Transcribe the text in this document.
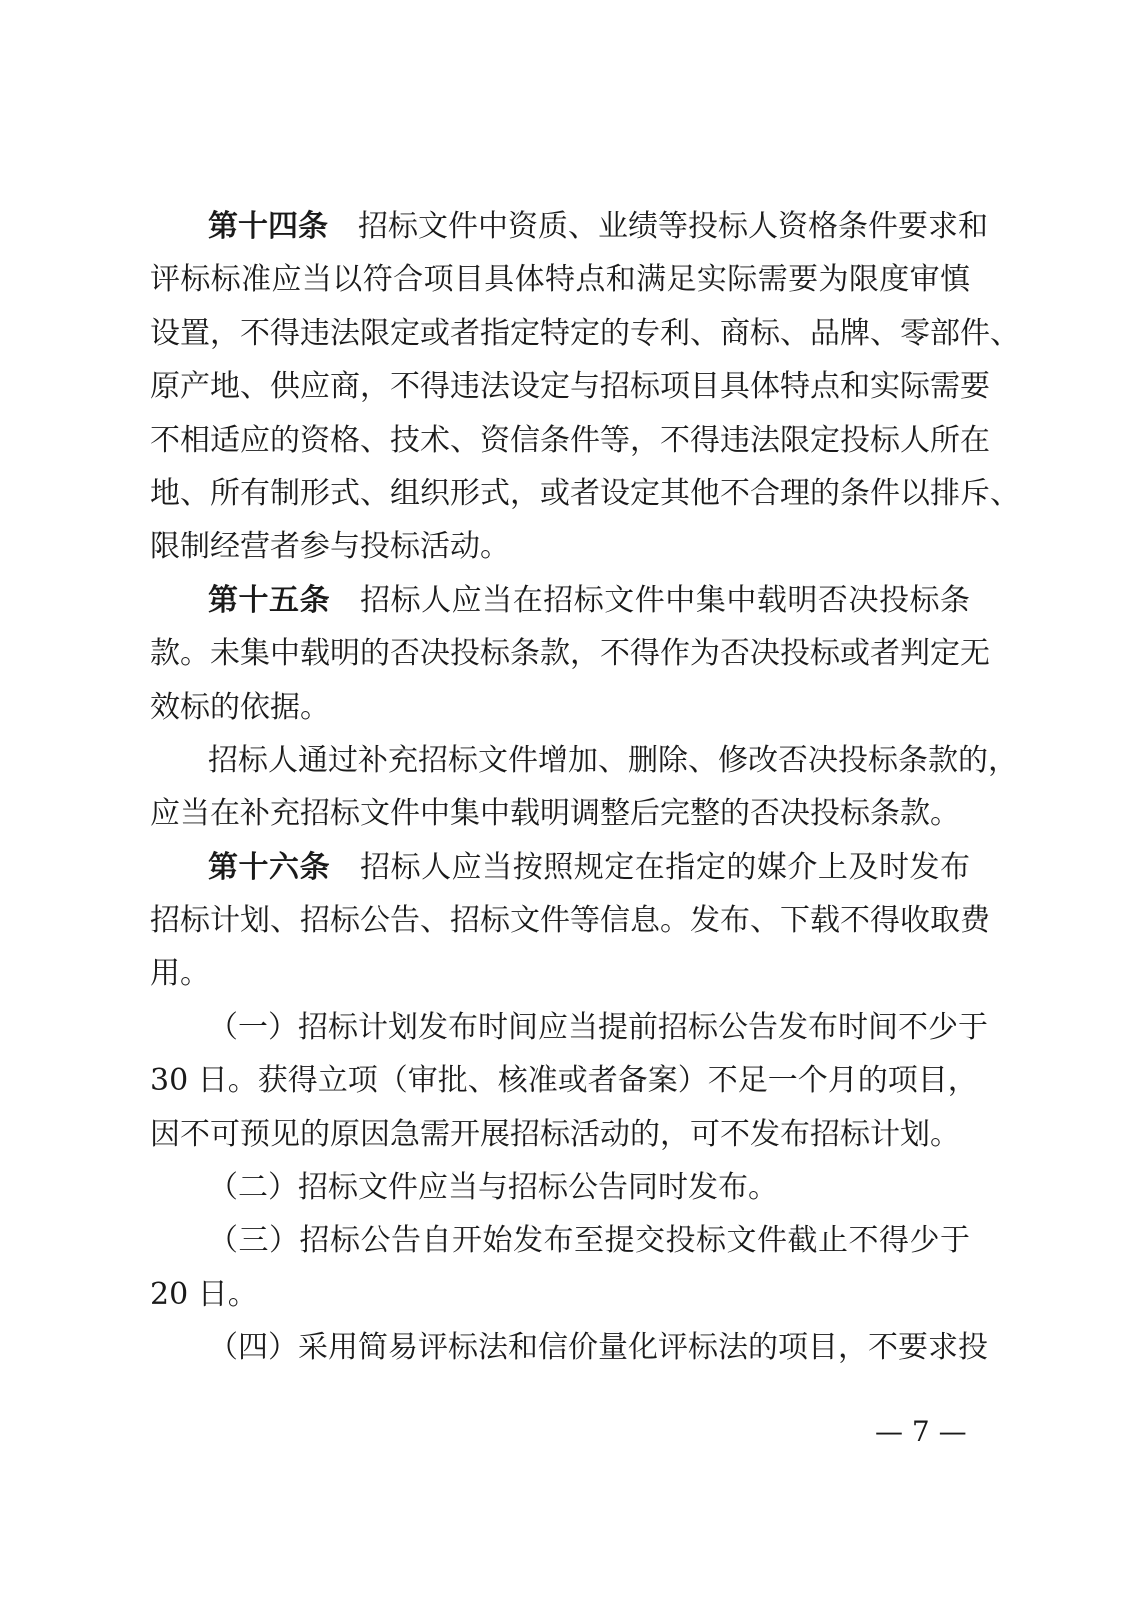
第十四条 招标文件中资质、业绩等投标人资格条件要求和
评标标准应当以符合项目具体特点和满足实际需要为限度审慎
设置，不得违法限定或者指定特定的专利、商标、品牌、零部件、
原产地、供应商，不得违法设定与招标项目具体特点和实际需要
不相适应的资格、技术、资信条件等，不得违法限定投标人所在
地、所有制形式、组织形式，或者设定其他不合理的条件以排斥、
限制经营者参与投标活动。
第十五条 招标人应当在招标文件中集中载明否决投标条
款。未集中载明的否决投标条款，不得作为否决投标或者判定无
效标的依据。
招标人通过补充招标文件增加、删除、修改否决投标条款的，
应当在补充招标文件中集中载明调整后完整的否决投标条款。
第十六条 招标人应当按照规定在指定的媒介上及时发布
招标计划、招标公告、招标文件等信息。发布、下载不得收取费
用。
（一）招标计划发布时间应当提前招标公告发布时间不少于
30 日。获得立项（审批、核准或者备案）不足一个月的项目，
因不可预见的原因急需开展招标活动的，可不发布招标计划。
（二）招标文件应当与招标公告同时发布。
（三）招标公告自开始发布至提交投标文件截止不得少于
20 日。
（四）采用简易评标法和信价量化评标法的项目，不要求投
— 7 —
